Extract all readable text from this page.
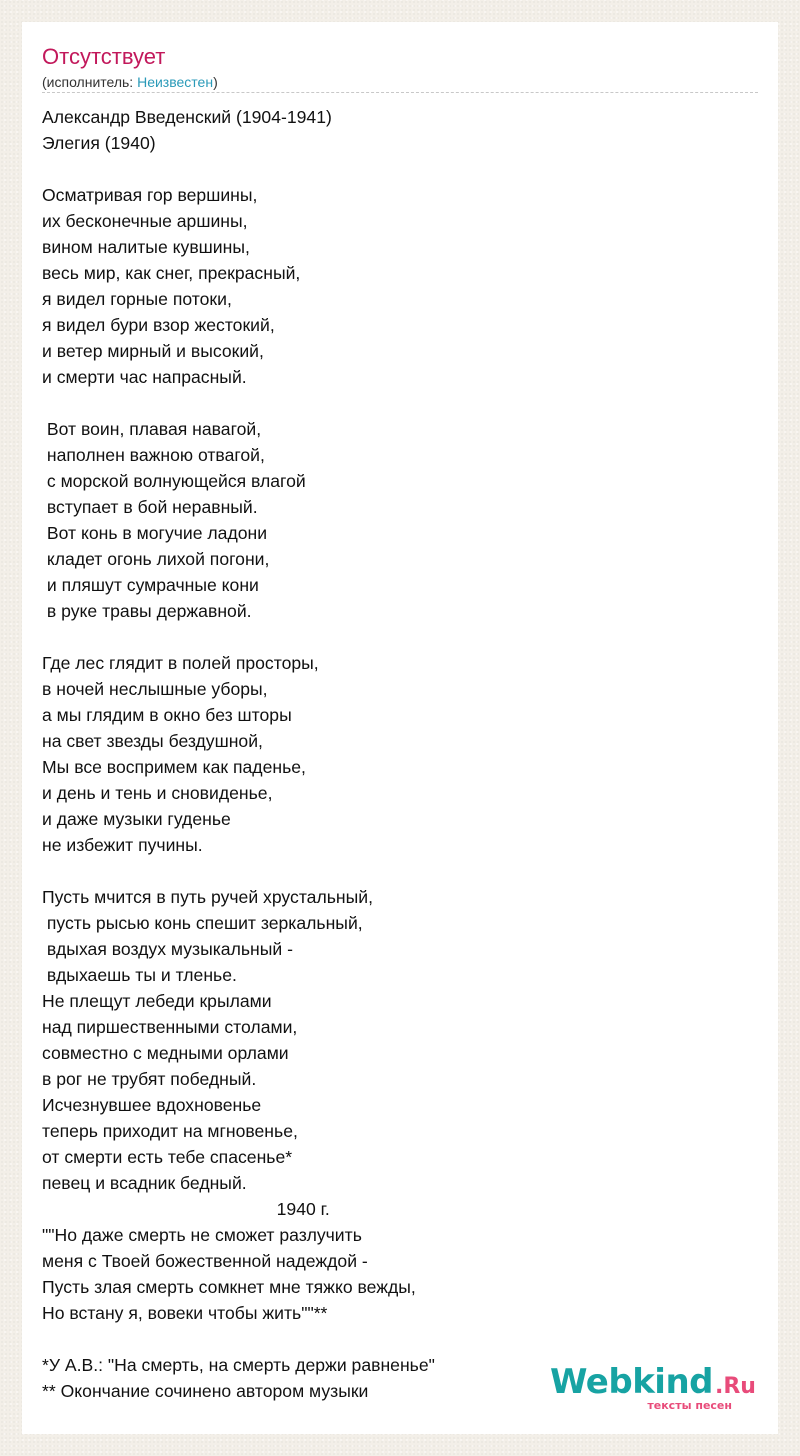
Отсутствует
(исполнитель: Неизвестен)
Александр Введенский (1904-1941)
Элегия (1940)

Осматривая гор вершины,
их бесконечные аршины,
вином налитые кувшины,
весь мир, как снег, прекрасный,
я видел горные потоки,
я видел бури взор жестокий,
и ветер мирный и высокий,
и смерти час напрасный.

Вот воин, плавая навагой,
наполнен важною отвагой,
с морской волнующейся влагой
вступает в бой неравный.
Вот конь в могучие ладони
кладет огонь лихой погони,
и пляшут сумрачные кони
в руке травы державной.

Где лес глядит в полей просторы,
в ночей неслышные уборы,
а мы глядим в окно без шторы
на свет звезды бездушной,
Мы все воспримем как паденье,
и день и тень и сновиденье,
и даже музыки гуденье
не избежит пучины.

Пусть мчится в путь ручей хрустальный,
пусть рысью конь спешит зеркальный,
вдыхая воздух музыкальный -
вдыхаешь ты и тленье.
Не плещут лебеди крылами
над пиршественными столами,
совместно с медными орлами
в рог не трубят победный.
Исчезнувшее вдохновенье
теперь приходит на мгновенье,
от смерти есть тебе спасенье*
певец и всадник бедный.
1940 г.
""Но даже смерть не сможет разлучить
меня с Твоей божественной надеждой -
Пусть злая смерть сомкнет мне тяжко вежды,
Но встану я, вовеки чтобы жить""**

*У А.В.: "На смерть, на смерть держи равненье"
** Окончание сочинено автором музыки	Webkind.Ru
тексты песен
